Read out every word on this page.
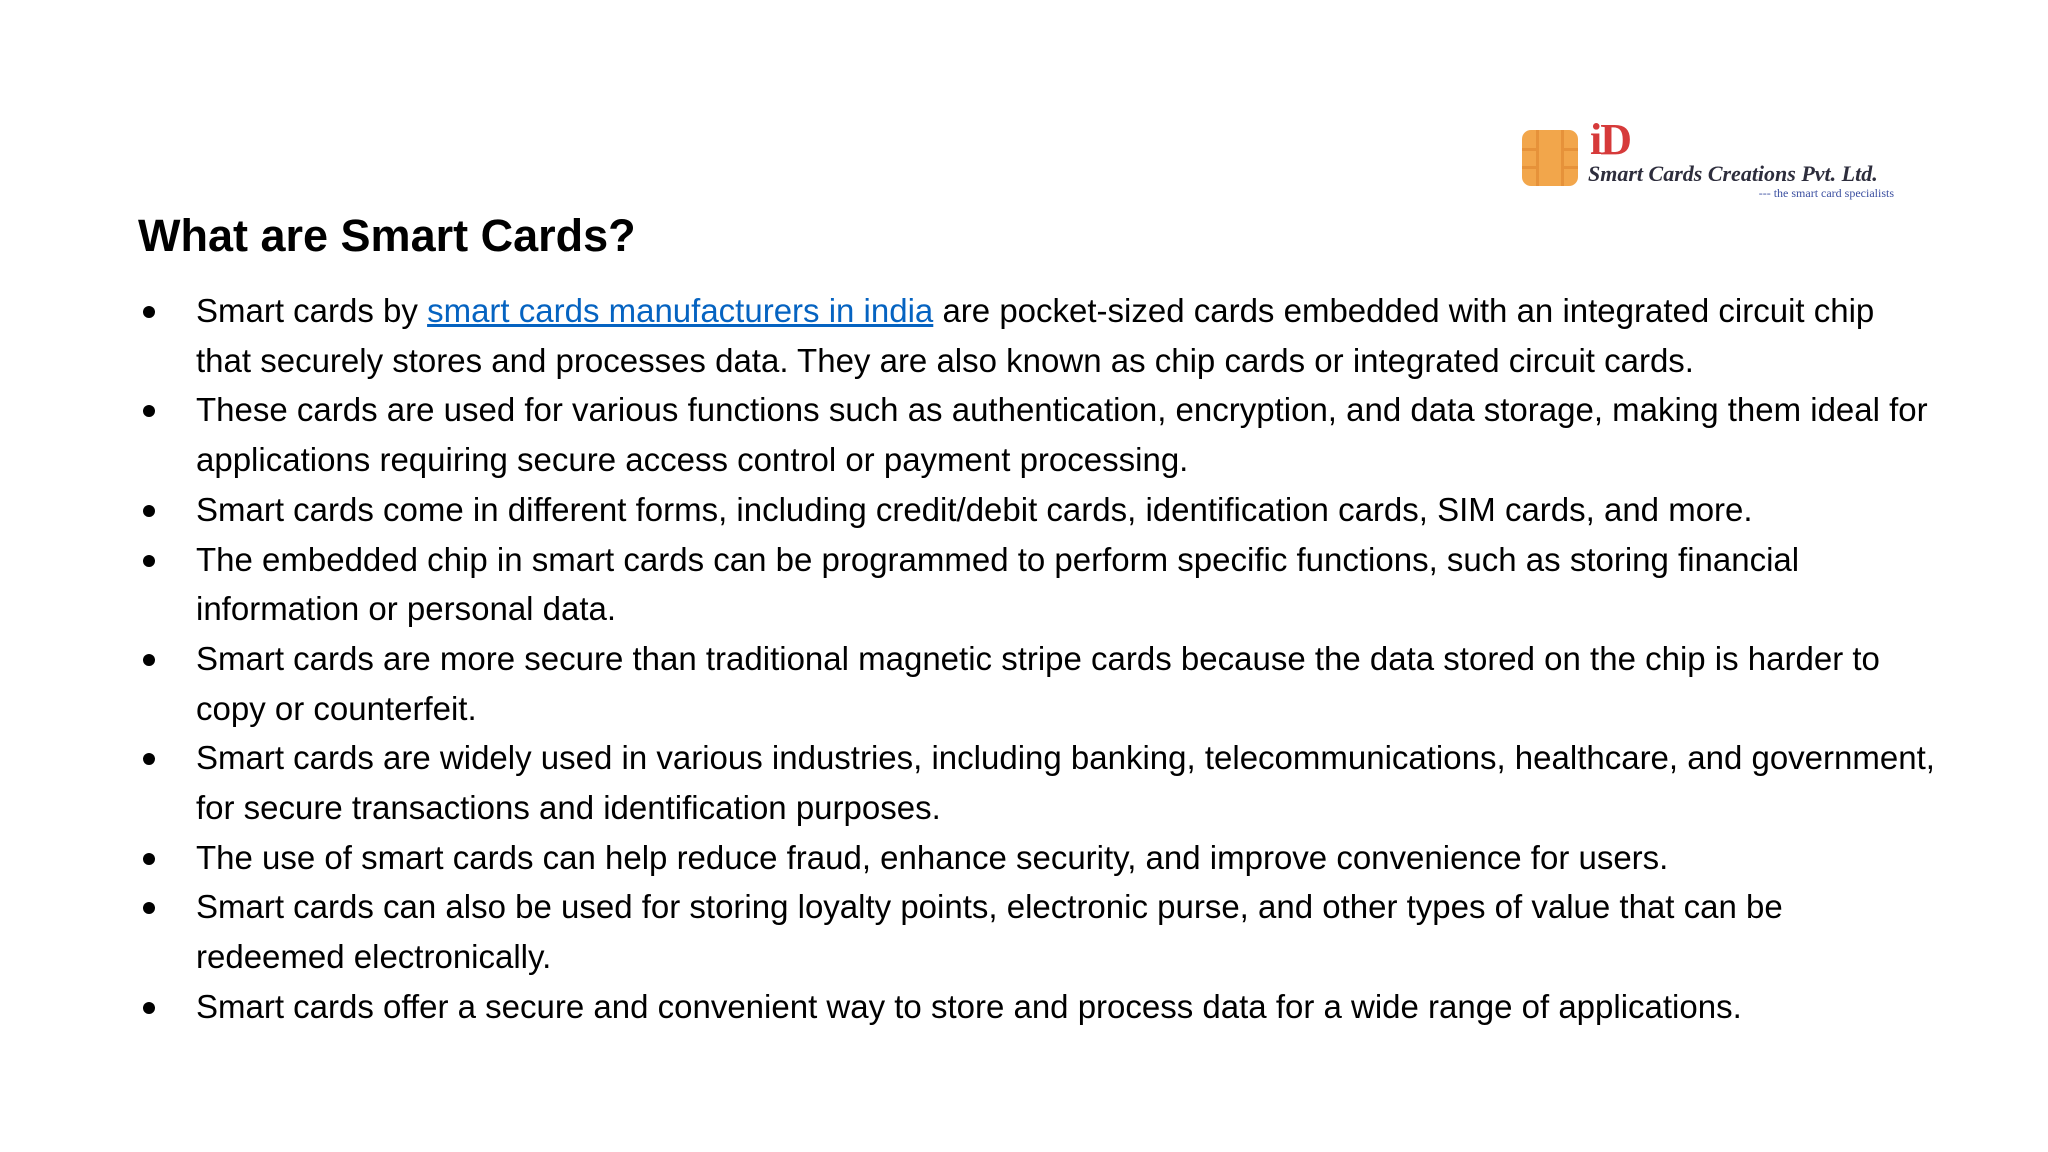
iD
Smart Cards Creations Pvt. Ltd.
--- the smart card specialists
What are Smart Cards?
Smart cards by smart cards manufacturers in india are pocket-sized cards embedded with an integrated circuit chip that securely stores and processes data. They are also known as chip cards or integrated circuit cards.
These cards are used for various functions such as authentication, encryption, and data storage, making them ideal for applications requiring secure access control or payment processing.
Smart cards come in different forms, including credit/debit cards, identification cards, SIM cards, and more.
The embedded chip in smart cards can be programmed to perform specific functions, such as storing financial information or personal data.
Smart cards are more secure than traditional magnetic stripe cards because the data stored on the chip is harder to copy or counterfeit.
Smart cards are widely used in various industries, including banking, telecommunications, healthcare, and government, for secure transactions and identification purposes.
The use of smart cards can help reduce fraud, enhance security, and improve convenience for users.
Smart cards can also be used for storing loyalty points, electronic purse, and other types of value that can be redeemed electronically.
Smart cards offer a secure and convenient way to store and process data for a wide range of applications.
